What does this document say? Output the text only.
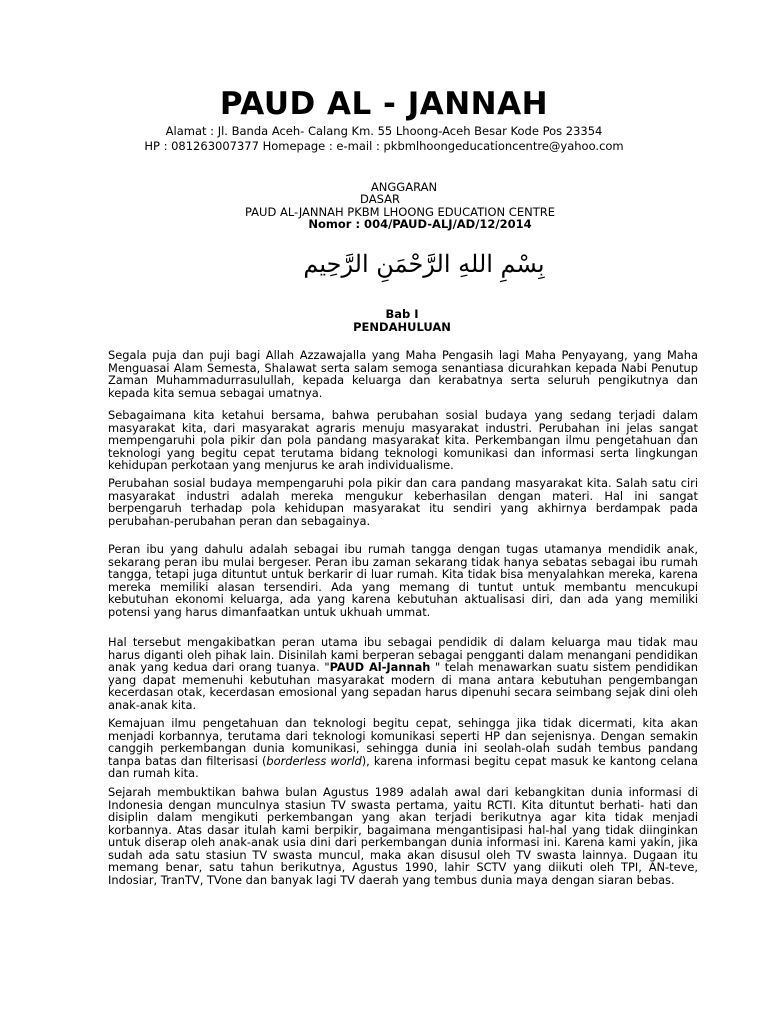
PAUD AL - JANNAH
Alamat : Jl. Banda Aceh- Calang Km. 55 Lhoong-Aceh Besar Kode Pos 23354
HP : 081263007377 Homepage : e-mail : pkbmlhoongeducationcentre@yahoo.com
ANGGARAN
DASAR
PAUD AL-JANNAH PKBM LHOONG EDUCATION CENTRE
Nomor : 004/PAUD-ALJ/AD/12/2014
بِسْمِ اللهِ الرَّحْمَنِ الرَّحِيم
Bab I
PENDAHULUAN
Segala puja dan puji bagi Allah Azzawajalla yang Maha Pengasih lagi Maha Penyayang, yang Maha Menguasai Alam Semesta, Shalawat serta salam semoga senantiasa dicurahkan kepada Nabi Penutup Zaman Muhammadurrasulullah, kepada keluarga dan kerabatnya serta seluruh pengikutnya dan kepada kita semua sebagai umatnya.
Sebagaimana kita ketahui bersama, bahwa perubahan sosial budaya yang sedang terjadi dalam masyarakat kita, dari masyarakat agraris menuju masyarakat industri. Perubahan ini jelas sangat mempengaruhi pola pikir dan pola pandang masyarakat kita. Perkembangan ilmu pengetahuan dan teknologi yang begitu cepat terutama bidang teknologi komunikasi dan informasi serta lingkungan kehidupan perkotaan yang menjurus ke arah individualisme.
Perubahan sosial budaya mempengaruhi pola pikir dan cara pandang masyarakat kita. Salah satu ciri masyarakat industri adalah mereka mengukur keberhasilan dengan materi. Hal ini sangat berpengaruh terhadap pola kehidupan masyarakat itu sendiri yang akhirnya berdampak pada perubahan-perubahan peran dan sebagainya.
Peran ibu yang dahulu adalah sebagai ibu rumah tangga dengan tugas utamanya mendidik anak, sekarang peran ibu mulai bergeser. Peran ibu zaman sekarang tidak hanya sebatas sebagai ibu rumah tangga, tetapi juga dituntut untuk berkarir di luar rumah. Kita tidak bisa menyalahkan mereka, karena mereka memiliki alasan tersendiri. Ada yang memang di tuntut untuk membantu mencukupi kebutuhan ekonomi keluarga, ada yang karena kebutuhan aktualisasi diri, dan ada yang memiliki potensi yang harus dimanfaatkan untuk ukhuah ummat.
Hal tersebut mengakibatkan peran utama ibu sebagai pendidik di dalam keluarga mau tidak mau harus diganti oleh pihak lain. Disinilah kami berperan sebagai pengganti dalam menangani pendidikan anak yang kedua dari orang tuanya. "PAUD Al-Jannah " telah menawarkan suatu sistem pendidikan yang dapat memenuhi kebutuhan masyarakat modern di mana antara kebutuhan pengembangan kecerdasan otak, kecerdasan emosional yang sepadan harus dipenuhi secara seimbang sejak dini oleh anak-anak kita.
Kemajuan ilmu pengetahuan dan teknologi begitu cepat, sehingga jika tidak dicermati, kita akan menjadi korbannya, terutama dari teknologi komunikasi seperti HP dan sejenisnya. Dengan semakin canggih perkembangan dunia komunikasi, sehingga dunia ini seolah-olah sudah tembus pandang tanpa batas dan filterisasi (borderless world), karena informasi begitu cepat masuk ke kantong celana dan rumah kita.
Sejarah membuktikan bahwa bulan Agustus 1989 adalah awal dari kebangkitan dunia informasi di Indonesia dengan munculnya stasiun TV swasta pertama, yaitu RCTI. Kita dituntut berhati- hati dan disiplin dalam mengikuti perkembangan yang akan terjadi berikutnya agar kita tidak menjadi korbannya. Atas dasar itulah kami berpikir, bagaimana mengantisipasi hal-hal yang tidak diinginkan untuk diserap oleh anak-anak usia dini dari perkembangan dunia informasi ini. Karena kami yakin, jika sudah ada satu stasiun TV swasta muncul, maka akan disusul oleh TV swasta lainnya. Dugaan itu memang benar, satu tahun berikutnya, Agustus 1990, lahir SCTV yang diikuti oleh TPI, AN-teve, Indosiar, TranTV, TVone dan banyak lagi TV daerah yang tembus dunia maya dengan siaran bebas.
